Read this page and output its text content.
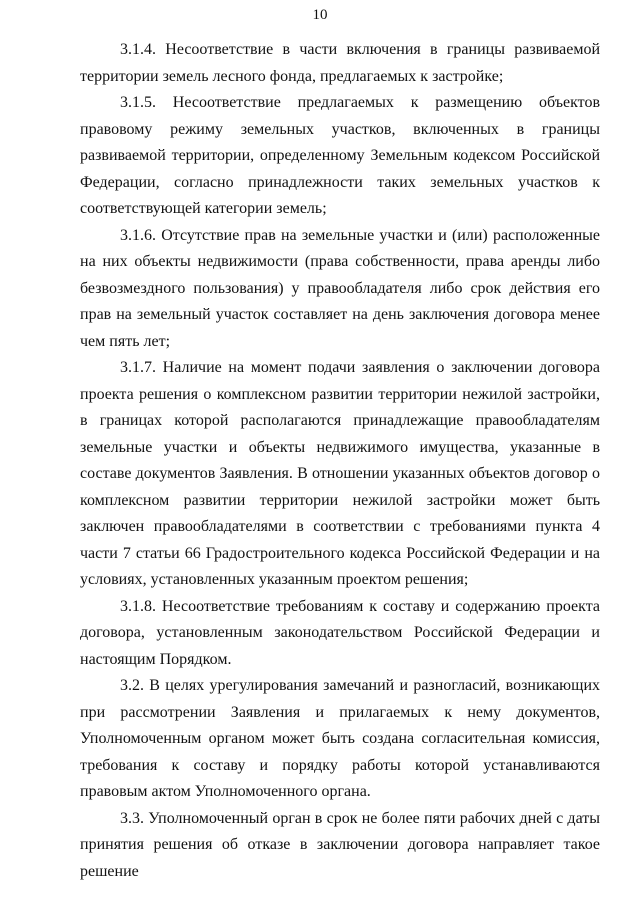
10

3.1.4. Несоответствие в части включения в границы развиваемой территории земель лесного фонда, предлагаемых к застройке;

3.1.5. Несоответствие предлагаемых к размещению объектов правовому режиму земельных участков, включенных в границы развиваемой территории, определенному Земельным кодексом Российской Федерации, согласно принадлежности таких земельных участков к соответствующей категории земель;

3.1.6. Отсутствие прав на земельные участки и (или) расположенные на них объекты недвижимости (права собственности, права аренды либо безвозмездного пользования) у правообладателя либо срок действия его прав на земельный участок составляет на день заключения договора менее чем пять лет;

3.1.7. Наличие на момент подачи заявления о заключении договора проекта решения о комплексном развитии территории нежилой застройки, в границах которой располагаются принадлежащие правообладателям земельные участки и объекты недвижимого имущества, указанные в составе документов Заявления. В отношении указанных объектов договор о комплексном развитии территории нежилой застройки может быть заключен правообладателями в соответствии с требованиями пункта 4 части 7 статьи 66 Градостроительного кодекса Российской Федерации и на условиях, установленных указанным проектом решения;

3.1.8. Несоответствие требованиям к составу и содержанию проекта договора, установленным законодательством Российской Федерации и настоящим Порядком.

3.2. В целях урегулирования замечаний и разногласий, возникающих при рассмотрении Заявления и прилагаемых к нему документов, Уполномоченным органом может быть создана согласительная комиссия, требования к составу и порядку работы которой устанавливаются правовым актом Уполномоченного органа.

3.3. Уполномоченный орган в срок не более пяти рабочих дней с даты принятия решения об отказе в заключении договора направляет такое решение
